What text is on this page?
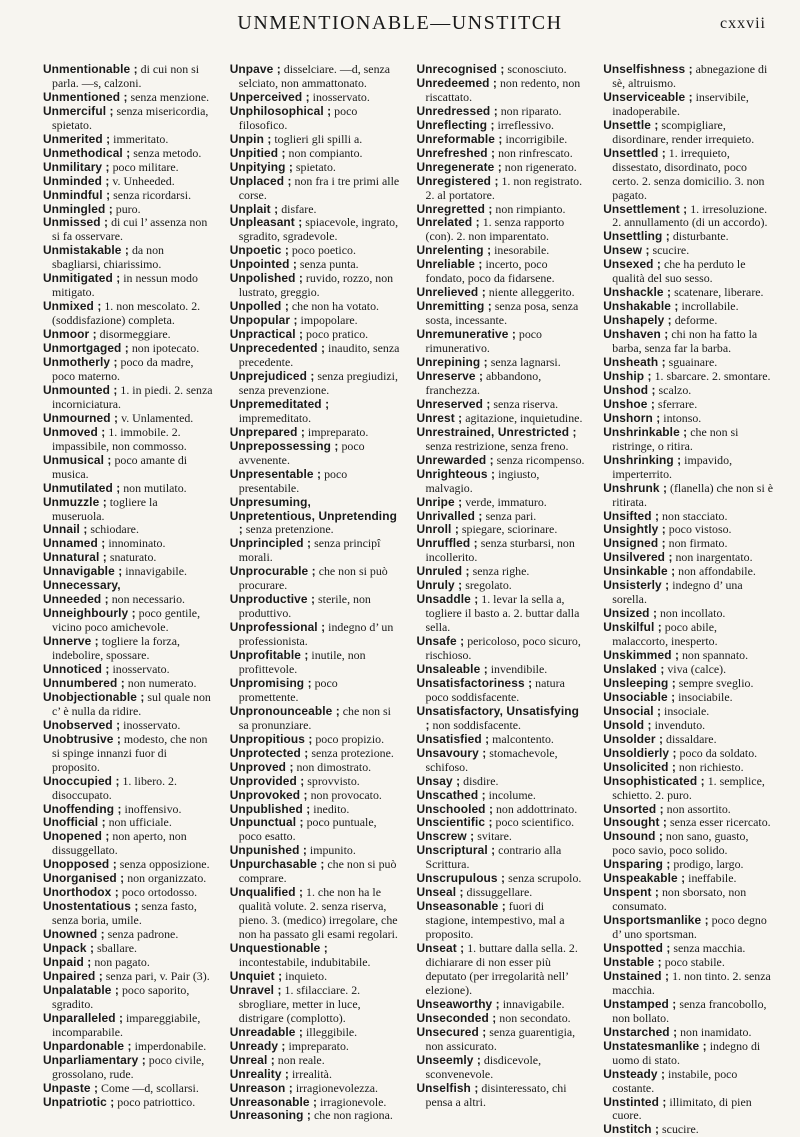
UNMENTIONABLE—UNSTITCH	cxxvii
Unmentionable ; di cui non si parla. —s, calzoni.
Unmentioned ; senza menzione.
Unmerciful ; senza misericordia, spietato.
Unmerited ; immeritato.
Unmethodical ; senza metodo.
Unmilitary ; poco militare.
Unminded ; v. Unheeded.
Unmindful ; senza ricordarsi.
Unmingled ; puro.
Unmissed ; di cui l’ assenza non si fa osservare.
Unmistakable ; da non sbagliarsi, chiarissimo.
Unmitigated ; in nessun modo mitigato.
Unmixed ; 1. non mescolato. 2. (soddisfazione) completa.
Unmoor ; disormeggiare.
Unmortgaged ; non ipotecato.
Unmotherly ; poco da madre, poco materno.
Unmounted ; 1. in piedi. 2. senza incorniciatura.
Unmourned ; v. Unlamented.
Unmoved ; 1. immobile. 2. impassibile, non commosso.
Unmusical ; poco amante di musica.
Unmutilated ; non mutilato.
Unmuzzle ; togliere la museruola.
Unnail ; schiodare.
Unnamed ; innominato.
Unnatural ; snaturato.
Unnavigable ; innavigabile.
Unnecessary,
Unneeded ; non necessario.
Unneighbourly ; poco gentile, vicino poco amichevole.
Unnerve ; togliere la forza, indebolire, spossare.
Unnoticed ; inosservato.
Unnumbered ; non numerato.
Unobjectionable ; sul quale non c’ è nulla da ridire.
Unobserved ; inosservato.
Unobtrusive ; modesto, che non si spinge innanzi fuor di proposito.
Unoccupied ; 1. libero. 2. disoccupato.
Unoffending ; inoffensivo.
Unofficial ; non ufficiale.
Unopened ; non aperto, non dissuggellato.
Unopposed ; senza opposizione.
Unorganised ; non organizzato.
Unorthodox ; poco ortodosso.
Unostentatious ; senza fasto, senza boria, umile.
Unowned ; senza padrone.
Unpack ; sballare.
Unpaid ; non pagato.
Unpaired ; senza pari, v. Pair (3).
Unpalatable ; poco saporito, sgradito.
Unparalleled ; impareggiabile, incomparabile.
Unpardonable ; imperdonabile.
Unparliamentary ; poco civile, grossolano, rude.
Unpaste ; Come —d, scollarsi.
Unpatriotic ; poco patriottico.
Unpave ; disselciare. —d, senza selciato, non ammattonato.
Unperceived ; inosservato.
Unphilosophical ; poco filosofico.
Unpin ; toglieri gli spilli a.
Unpitied ; non compianto.
Unpitying ; spietato.
Unplaced ; non fra i tre primi alle corse.
Unplait ; disfare.
Unpleasant ; spiacevole, ingrato, sgradito, sgradevole.
Unpoetic ; poco poetico.
Unpointed ; senza punta.
Unpolished ; ruvido, rozzo, non lustrato, greggio.
Unpolled ; che non ha votato.
Unpopular ; impopolare.
Unpractical ; poco pratico.
Unprecedented ; inaudito, senza precedente.
Unprejudiced ; senza pregiudizi, senza prevenzione.
Unpremeditated ; impremeditato.
Unprepared ; impreparato.
Unprepossessing ; poco avvenente.
Unpresentable ; poco presentabile.
Unpresuming,
Unpretentious, Unpretending ; senza pretenzione.
Unprincipled ; senza principî morali.
Unprocurable ; che non si può procurare.
Unproductive ; sterile, non produttivo.
Unprofessional ; indegno d’ un professionista.
Unprofitable ; inutile, non profittevole.
Unpromising ; poco promettente.
Unpronounceable ; che non si sa pronunziare.
Unpropitious ; poco propizio.
Unprotected ; senza protezione.
Unproved ; non dimostrato.
Unprovided ; sprovvisto.
Unprovoked ; non provocato.
Unpublished ; inedito.
Unpunctual ; poco puntuale, poco esatto.
Unpunished ; impunito.
Unpurchasable ; che non si può comprare.
Unqualified ; 1. che non ha le qualità volute. 2. senza riserva, pieno. 3. (medico) irregolare, che non ha passato gli esami regolari.
Unquestionable ; incontestabile, indubitabile.
Unquiet ; inquieto.
Unravel ; 1. sfilacciare. 2. sbrogliare, metter in luce, distrigare (complotto).
Unreadable ; illeggibile.
Unready ; impreparato.
Unreal ; non reale.
Unreality ; irrealità.
Unreason ; irragionevolezza.
Unreasonable ; irragionevole.
Unreasoning ; che non ragiona.
Unrecognised ; sconosciuto.
Unredeemed ; non redento, non riscattato.
Unredressed ; non riparato.
Unreflecting ; irreflessivo.
Unreformable ; incorrigibile.
Unrefreshed ; non rinfrescato.
Unregenerate ; non rigenerato.
Unregistered ; 1. non registrato. 2. al portatore.
Unregretted ; non rimpianto.
Unrelated ; 1. senza rapporto (con). 2. non imparentato.
Unrelenting ; inesorabile.
Unreliable ; incerto, poco fondato, poco da fidarsene.
Unrelieved ; niente alleggerito.
Unremitting ; senza posa, senza sosta, incessante.
Unremunerative ; poco rimunerativo.
Unrepining ; senza lagnarsi.
Unreserve ; abbandono, franchezza.
Unreserved ; senza riserva.
Unrest ; agitazione, inquietudine.
Unrestrained, Unrestricted ; senza restrizione, senza freno.
Unrewarded ; senza ricompenso.
Unrighteous ; ingiusto, malvagio.
Unripe ; verde, immaturo.
Unrivalled ; senza pari.
Unroll ; spiegare, sciorinare.
Unruffled ; senza sturbarsi, non incollerito.
Unruled ; senza righe.
Unruly ; sregolato.
Unsaddle ; 1. levar la sella a, togliere il basto a. 2. buttar dalla sella.
Unsafe ; pericoloso, poco sicuro, rischioso.
Unsaleable ; invendibile.
Unsatisfactoriness ; natura poco soddisfacente.
Unsatisfactory, Unsatisfying ; non soddisfacente.
Unsatisfied ; malcontento.
Unsavoury ; stomachevole, schifoso.
Unsay ; disdire.
Unscathed ; incolume.
Unschooled ; non addottrinato.
Unscientific ; poco scientifico.
Unscrew ; svitare.
Unscriptural ; contrario alla Scrittura.
Unscrupulous ; senza scrupolo.
Unseal ; dissuggellare.
Unseasonable ; fuori di stagione, intempestivo, mal a proposito.
Unseat ; 1. buttare dalla sella. 2. dichiarare di non esser più deputato (per irregolarità nell’ elezione).
Unseaworthy ; innavigabile.
Unseconded ; non secondato.
Unsecured ; senza guarentigia, non assicurato.
Unseemly ; disdicevole, sconvenevole.
Unselfish ; disinteressato, chi pensa a altri.
Unselfishness ; abnegazione di sè, altruismo.
Unserviceable ; inservibile, inadoperabile.
Unsettle ; scompigliare, disordinare, render irrequieto.
Unsettled ; 1. irrequieto, dissestato, disordinato, poco certo. 2. senza domicilio. 3. non pagato.
Unsettlement ; 1. irresoluzione. 2. annullamento (di un accordo).
Unsettling ; disturbante.
Unsew ; scucire.
Unsexed ; che ha perduto le qualità del suo sesso.
Unshackle ; scatenare, liberare.
Unshakable ; incrollabile.
Unshapely ; deforme.
Unshaven ; chi non ha fatto la barba, senza far la barba.
Unsheath ; sguainare.
Unship ; 1. sbarcare. 2. smontare.
Unshod ; scalzo.
Unshoe ; sferrare.
Unshorn ; intonso.
Unshrinkable ; che non si ristringe, o ritira.
Unshrinking ; impavido, imperterrito.
Unshrunk ; (flanella) che non si è ritirata.
Unsifted ; non stacciato.
Unsightly ; poco vistoso.
Unsigned ; non firmato.
Unsilvered ; non inargentato.
Unsinkable ; non affondabile.
Unsisterly ; indegno d’ una sorella.
Unsized ; non incollato.
Unskilful ; poco abile, malaccorto, inesperto.
Unskimmed ; non spannato.
Unslaked ; viva (calce).
Unsleeping ; sempre sveglio.
Unsociable ; insociabile.
Unsocial ; insociale.
Unsold ; invenduto.
Unsolder ; dissaldare.
Unsoldierly ; poco da soldato.
Unsolicited ; non richiesto.
Unsophisticated ; 1. semplice, schietto. 2. puro.
Unsorted ; non assortito.
Unsought ; senza esser ricercato.
Unsound ; non sano, guasto, poco savio, poco solido.
Unsparing ; prodigo, largo.
Unspeakable ; ineffabile.
Unspent ; non sborsato, non consumato.
Unsportsmanlike ; poco degno d’ uno sportsman.
Unspotted ; senza macchia.
Unstable ; poco stabile.
Unstained ; 1. non tinto. 2. senza macchia.
Unstamped ; senza francobollo, non bollato.
Unstarched ; non inamidato.
Unstatesmanlike ; indegno di uomo di stato.
Unsteady ; instabile, poco costante.
Unstinted ; illimitato, di pien cuore.
Unstitch ; scucire.
